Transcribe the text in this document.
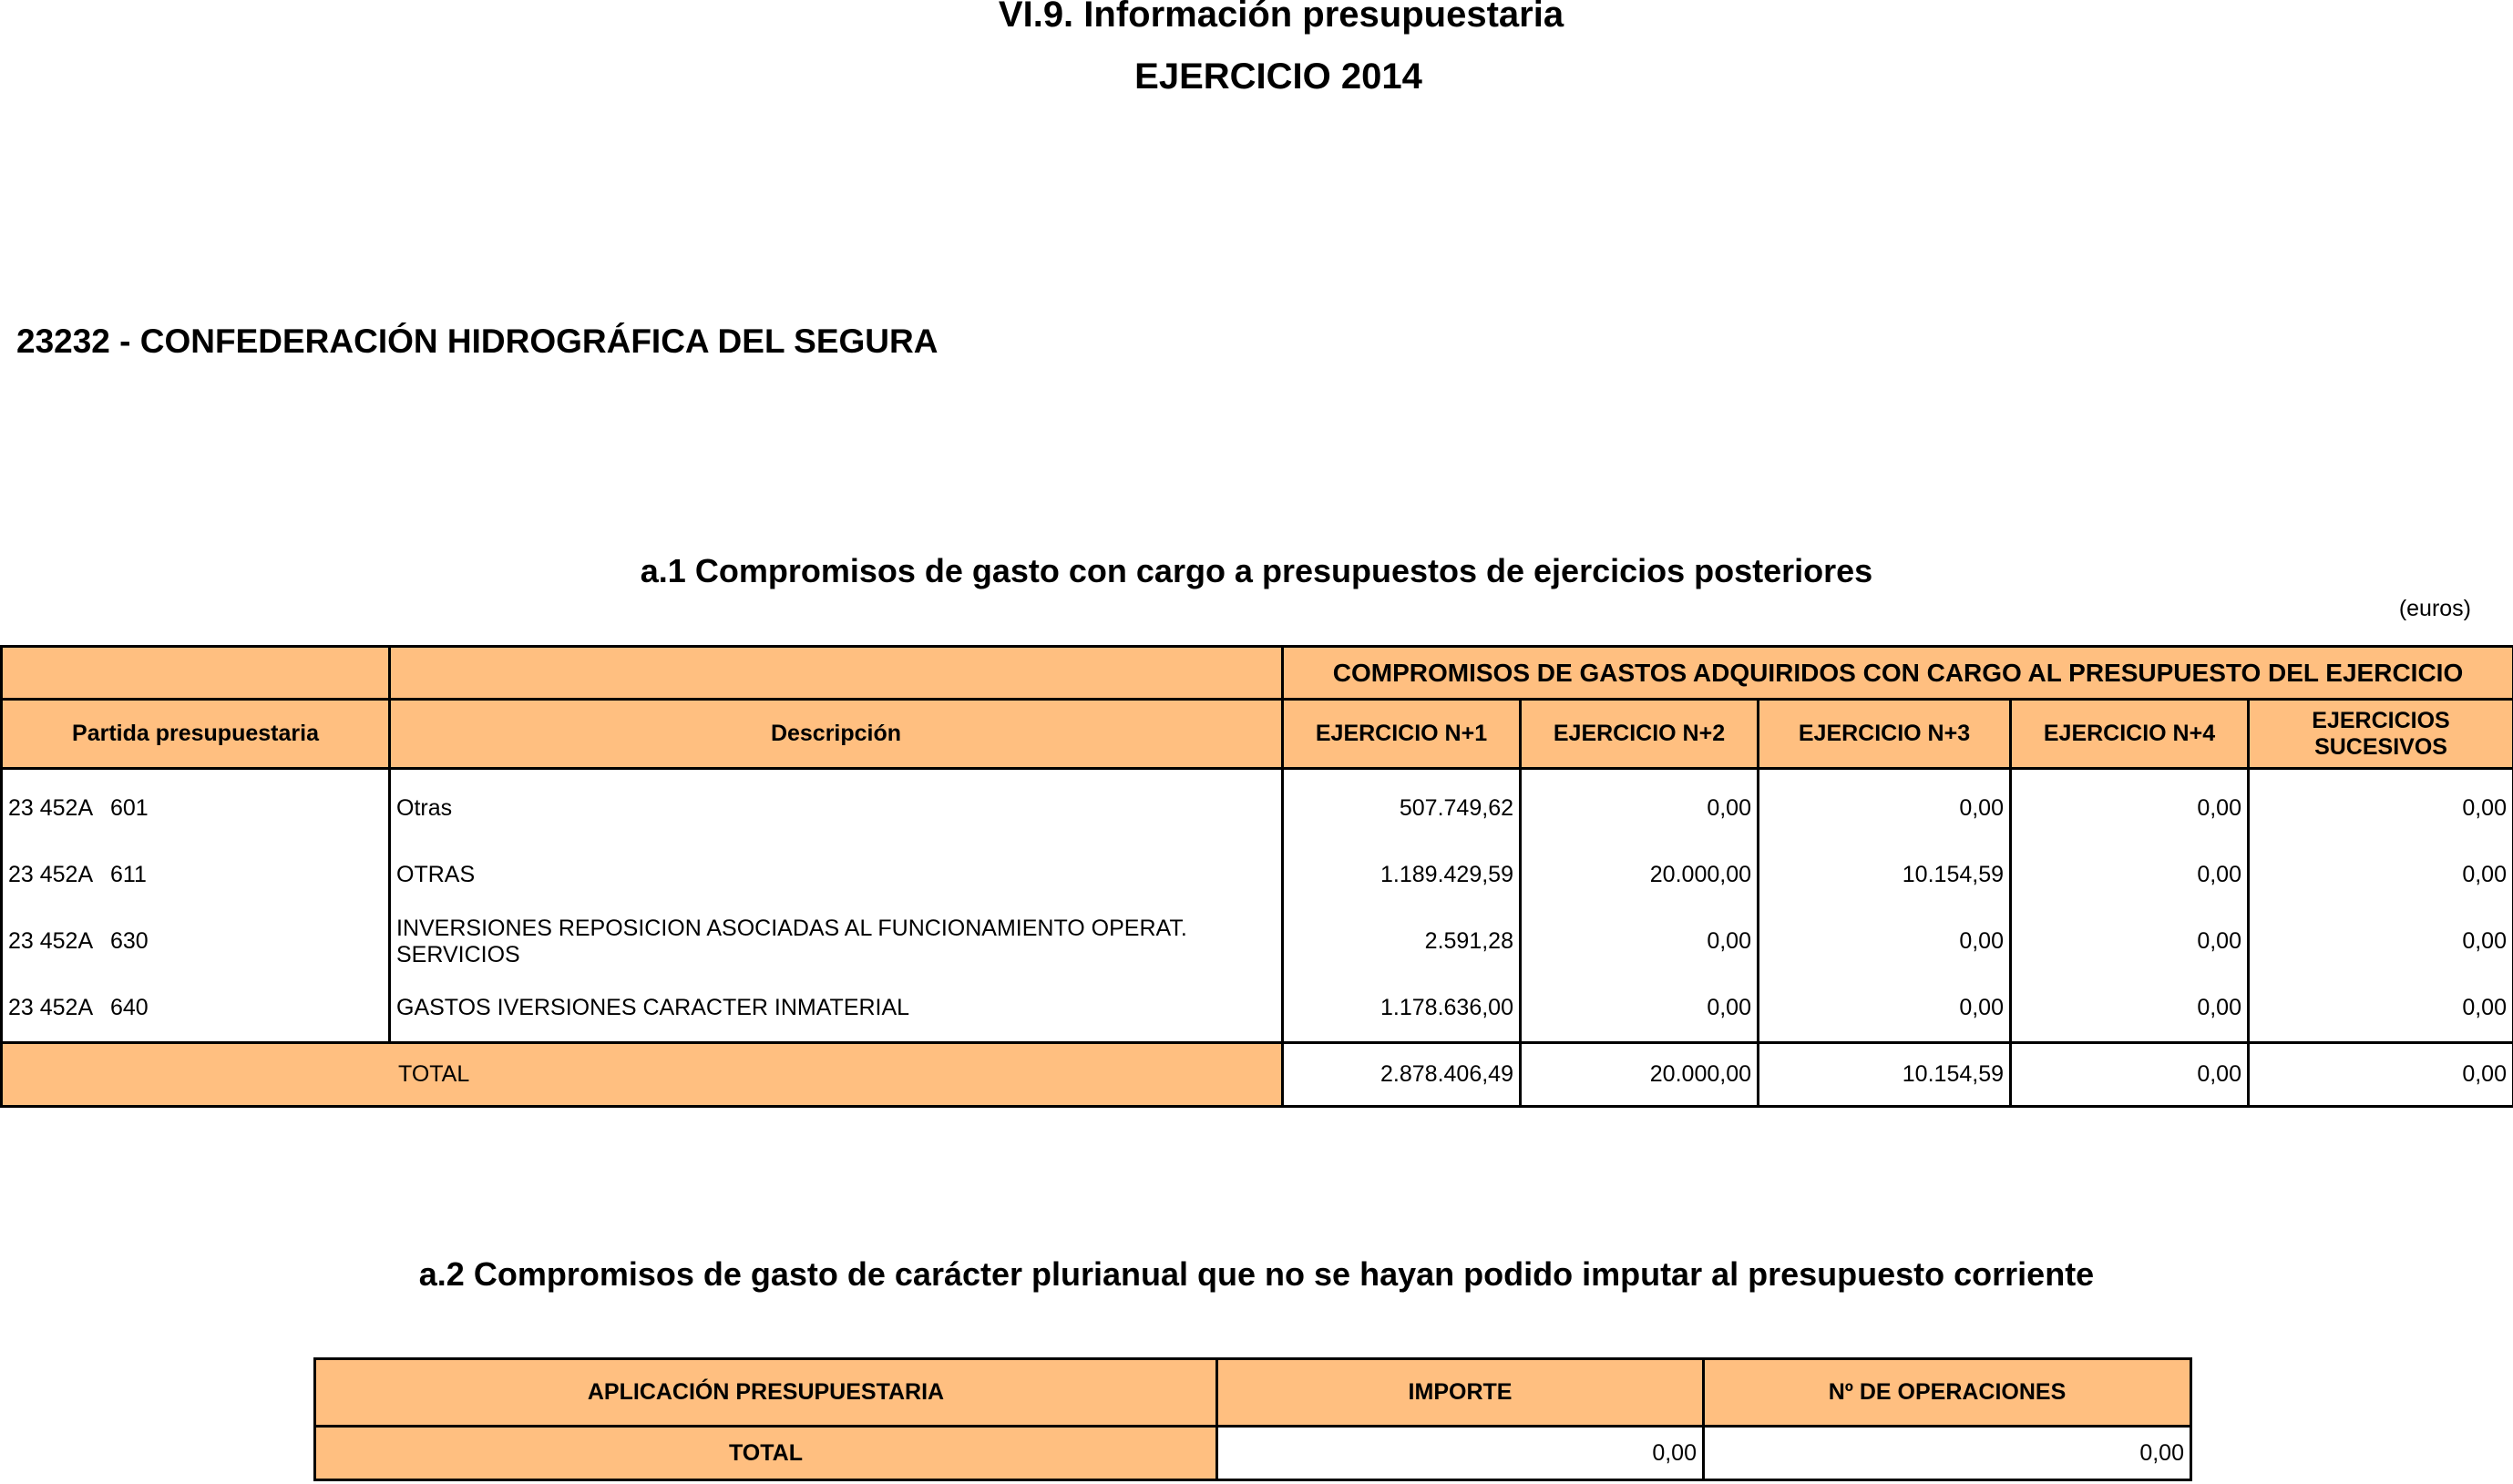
VI.9. Información presupuestaria
EJERCICIO 2014
23232 - CONFEDERACIÓN HIDROGRÁFICA DEL SEGURA
a.1 Compromisos de gasto con cargo a presupuestos de ejercicios posteriores
(euros)
		COMPROMISOS DE GASTOS ADQUIRIDOS CON CARGO AL PRESUPUESTO DEL EJERCICIO				
Partida presupuestaria	Descripción	EJERCICIO N+1	EJERCICIO N+2	EJERCICIO N+3	EJERCICIO N+4	EJERCICIOS SUCESIVOS
23 452A 601	Otras	507.749,62	0,00	0,00	0,00	0,00
23 452A 611	OTRAS	1.189.429,59	20.000,00	10.154,59	0,00	0,00
23 452A 630	INVERSIONES REPOSICION ASOCIADAS AL FUNCIONAMIENTO OPERAT. SERVICIOS	2.591,28	0,00	0,00	0,00	0,00
23 452A 640	GASTOS IVERSIONES CARACTER INMATERIAL	1.178.636,00	0,00	0,00	0,00	0,00
TOTAL		2.878.406,49	20.000,00	10.154,59	0,00	0,00
a.2 Compromisos de gasto de carácter plurianual que no se hayan podido imputar al presupuesto corriente
APLICACIÓN PRESUPUESTARIA	IMPORTE	Nº DE OPERACIONES
TOTAL	0,00	0,00
